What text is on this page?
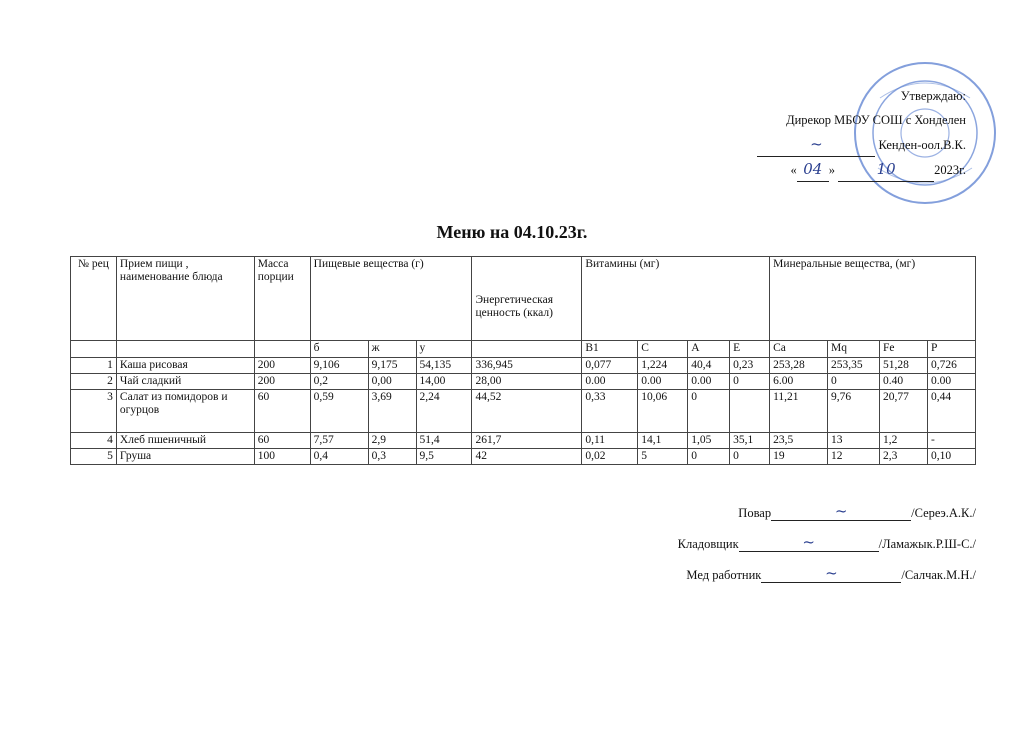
Утверждаю:
Дирекор МБОУ СОШ с Хонделен
~	Кенден-оол.В.К.
« 04 »	10	2023г.
Меню на 04.10.23г.
№ рец	Прием пищи , наименование блюда	Масса порции	Пищевые вещества (г)			Энергетическая ценность (ккал)	Витамины (мг)				Минеральные вещества, (мг)			
			б	ж	у		B1	C	A	E	Ca	Mq	Fe	P
1	Каша рисовая	200	9,106	9,175	54,135	336,945	0,077	1,224	40,4	0,23	253,28	253,35	51,28	0,726
2	Чай сладкий	200	0,2	0,00	14,00	28,00	0.00	0.00	0.00	0	6.00	0	0.40	0.00
3	Салат из помидоров и огурцов	60	0,59	3,69	2,24	44,52	0,33	10,06	0		11,21	9,76	20,77	0,44
4	Хлеб пшеничный	60	7,57	2,9	51,4	261,7	0,11	14,1	1,05	35,1	23,5	13	1,2	-
5	Груша	100	0,4	0,3	9,5	42	0,02	5	0	0	19	12	2,3	0,10
Повар	~	/Сереэ.А.К./
Кладовщик	~	/Ламажык.Р.Ш-С./
Мед работник	~	/Салчак.М.Н./
